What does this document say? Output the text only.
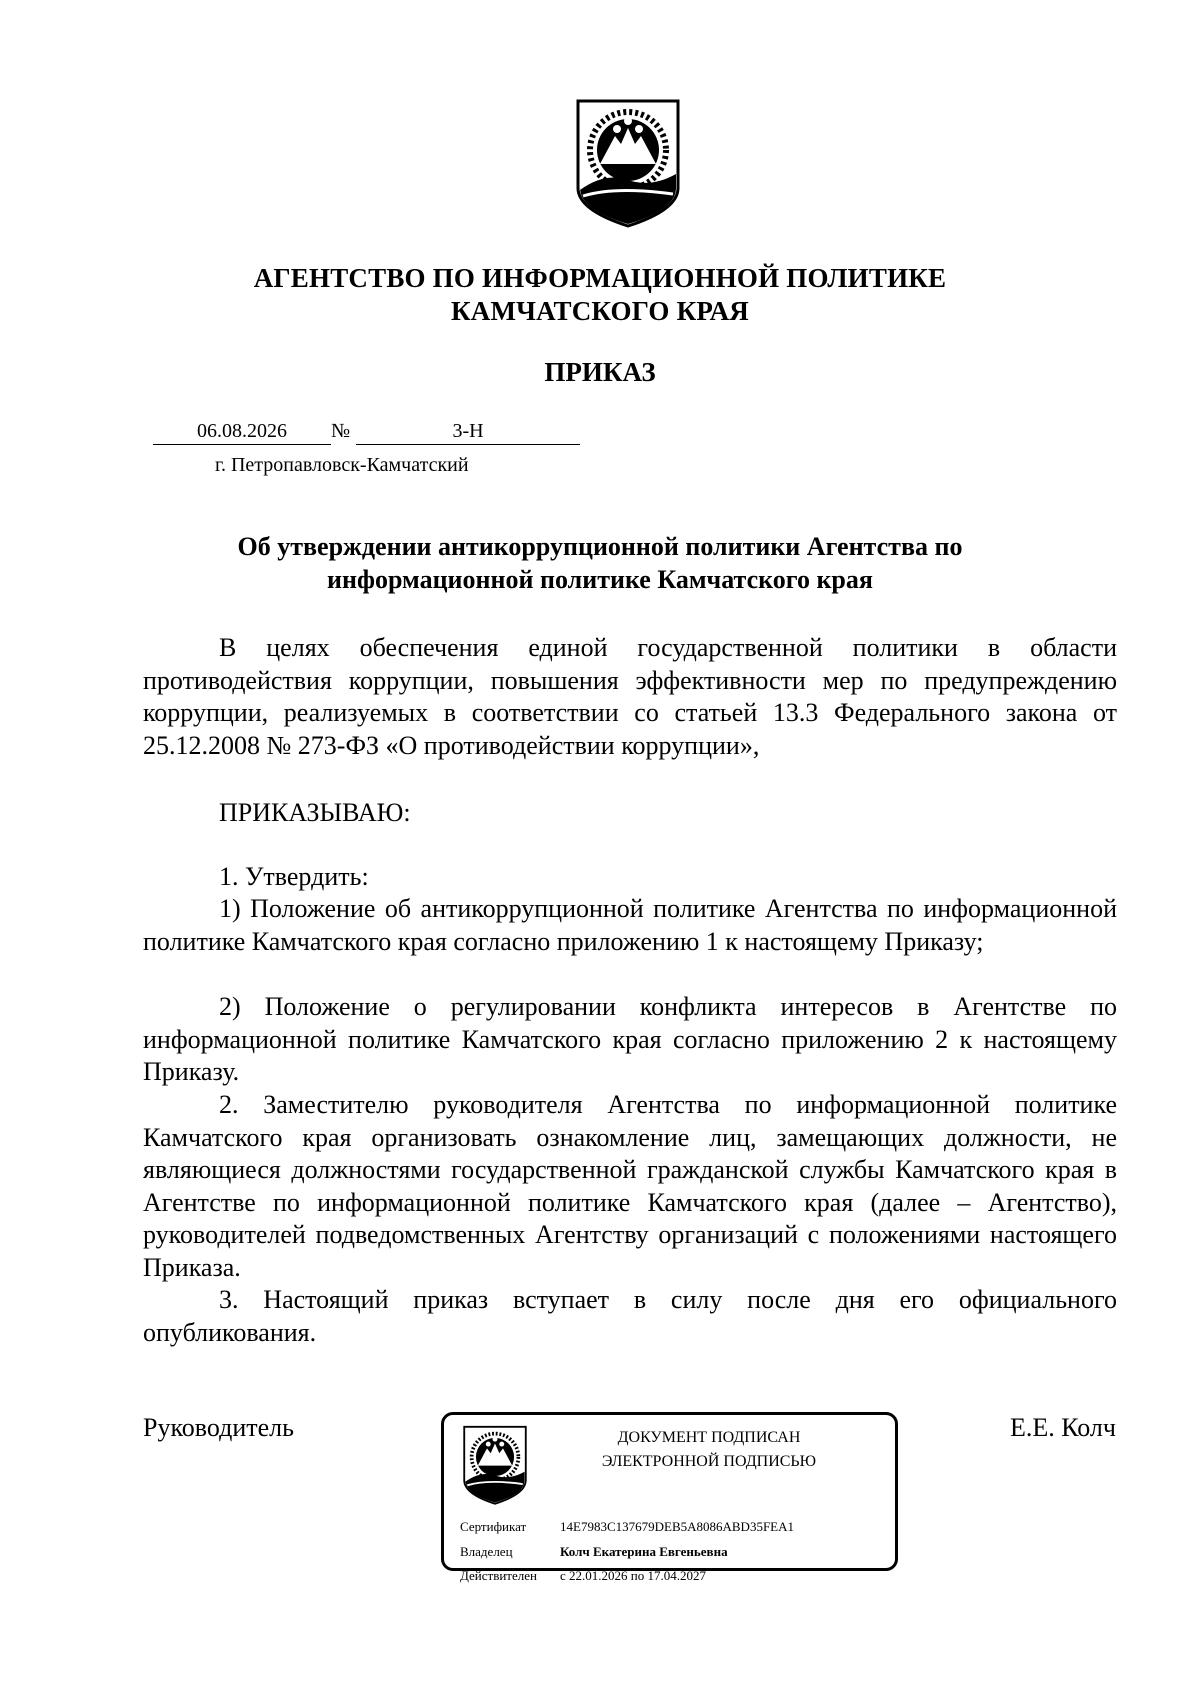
АГЕНТСТВО ПО ИНФОРМАЦИОННОЙ ПОЛИТИКЕ
КАМЧАТСКОГО КРАЯ
ПРИКАЗ
06.08.2026	№	3-Н
г. Петропавловск-Камчатский
Об утверждении антикоррупционной политики Агентства по
информационной политике Камчатского края
В целях обеспечения единой государственной политики в области противодействия коррупции, повышения эффективности мер по предупреждению коррупции, реализуемых в соответствии со статьей 13.3 Федерального закона от 25.12.2008 № 273-ФЗ «О противодействии коррупции»,
ПРИКАЗЫВАЮ:
1. Утвердить:
1) Положение об антикоррупционной политике Агентства по информационной политике Камчатского края согласно приложению 1 к настоящему Приказу;
2) Положение о регулировании конфликта интересов в Агентстве по информационной политике Камчатского края согласно приложению 2 к настоящему Приказу.
2. Заместителю руководителя Агентства по информационной политике Камчатского края организовать ознакомление лиц, замещающих должности, не являющиеся должностями государственной гражданской службы Камчатского края в Агентстве по информационной политике Камчатского края (далее – Агентство), руководителей подведомственных Агентству организаций с положениями настоящего Приказа.
3. Настоящий приказ вступает в силу после дня его официального опубликования.
Руководитель	Е.Е. Колч
ДОКУМЕНТ ПОДПИСАН
ЭЛЕКТРОННОЙ ПОДПИСЬЮ
Сертификат	14E7983C137679DEB5A8086ABD35FEA1
Владелец	Колч Екатерина Евгеньевна
Действителен с 22.01.2026 по 17.04.2027
